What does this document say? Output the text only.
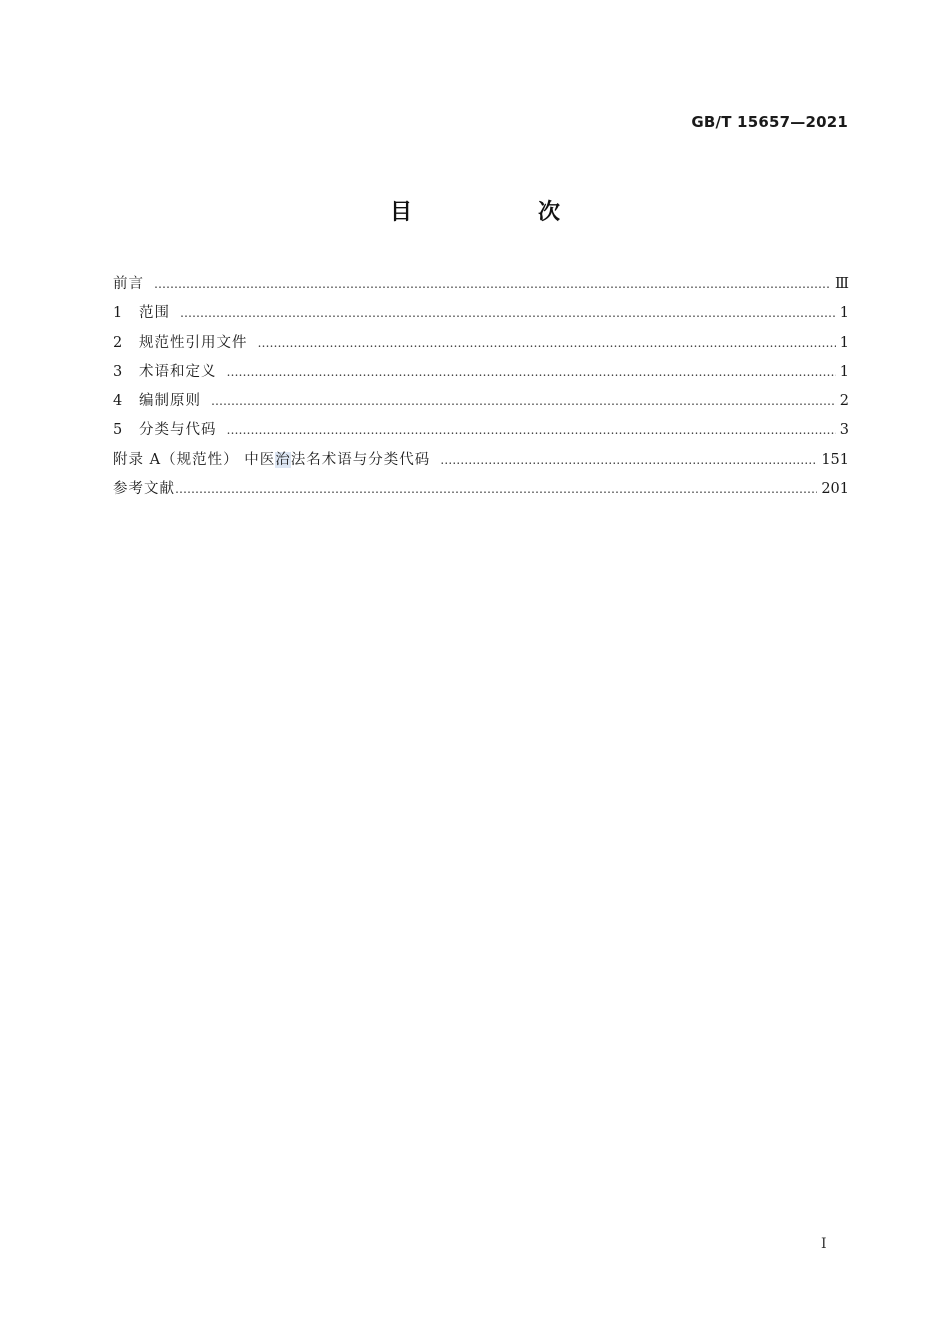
GB/T 15657—2021
目　次
前言 …………………………………………………………………………………………………………………………………………………………………………………………………………………………………………………	Ⅲ
1	范围 …………………………………………………………………………………………………………………………………………………………………………………………………………………………………………………	1
2	规范性引用文件 …………………………………………………………………………………………………………………………………………………………………………………………………………………………………………………	1
3	术语和定义 …………………………………………………………………………………………………………………………………………………………………………………………………………………………………………………	1
4	编制原则 …………………………………………………………………………………………………………………………………………………………………………………………………………………………………………………	2
5	分类与代码 …………………………………………………………………………………………………………………………………………………………………………………………………………………………………………………	3
附录 A（规范性） 中医治法名术语与分类代码 …………………………………………………………………………………………………………………………………………………………………………………………………………………………………………………	151
参考文献 …………………………………………………………………………………………………………………………………………………………………………………………………………………………………………………	201
I
